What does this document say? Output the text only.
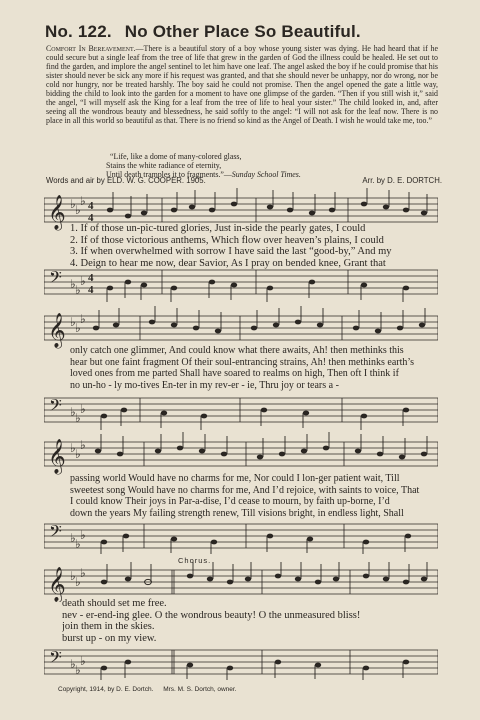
No. 122. No Other Place So Beautiful.
Comfort In Bereavement.—There is a beautiful story of a boy whose young sister was dying. He had heard that if he could secure but a single leaf from the tree of life that grew in the garden of God the illness could be healed. He set out to find the garden, and implore the angel sentinel to let him have one leaf. The angel asked the boy if he could promise that his sister should never be sick any more if his request was granted, and that she should never be unhappy, nor do wrong, nor be cold nor hungry, nor be treated harshly. The boy said he could not promise. Then the angel opened the gate a little way, bidding the child to look into the garden for a moment to have one glimpse of the garden. “Then if you still wish it,” said the angel, “I will myself ask the King for a leaf from the tree of life to heal your sister.” The child looked in, and, after seeing all the wondrous beauty and blessedness, he said softly to the angel: “I will not ask for the leaf now. There is no place in all this world so beautiful as that. There is no friend so kind as the Angel of Death. I wish he would take me, too.”
“Life, like a dome of many-colored glass,
Stains the white radiance of eternity,
Until death tramples it to fragments.”—Sunday School Times.
Words and air by ELD. W. G. COOPER. 1905.	Arr. by D. E. DORTCH.
𝄞 ♭ ♭
♭ 4
4
1. If of those un-pic-tured glories, Just in-side the pearly gates, I could
2. If of those victorious anthems, Which flow over heaven’s plains, I could
3. If when overwhelmed with sorrow I have said the last “good-by,” And my
4. Deign to hear me now, dear Savior, As I pray on bended knee, Grant that
𝄢 ♭ ♭
♭ 4
4
𝄞 ♭ ♭
♭
only catch one glimmer, And could know what there awaits, Ah! then methinks this
hear but one faint fragment Of their soul-entrancing strains, Ah! then methinks earth’s
loved ones from me parted Shall have soared to realms on high, Then oft I think if
no un-ho - ly mo-tives En-ter in my rev-er - ie, Thru joy or tears a -
𝄢 ♭ ♭
♭
𝄞 ♭ ♭
♭
passing world Would have no charms for me, Nor could I lon-ger patient wait, Till
sweetest song Would have no charms for me, And I’d rejoice, with saints to voice, That
I could know Their joys in Par-a-dise, I’d cease to mourn, by faith up-borne, I’d
down the years My failing strength renew, Till visions bright, in endless light, Shall
𝄢 ♭ ♭
♭
Chorus.
𝄞 ♭ ♭
♭
death should set me free.
nev - er-end-ing glee. O the wondrous beauty! O the unmeasured bliss!
join them in the skies.
burst up - on my view.
𝄢 ♭ ♭
♭
Copyright, 1914, by D. E. Dortch. Mrs. M. S. Dortch, owner.
